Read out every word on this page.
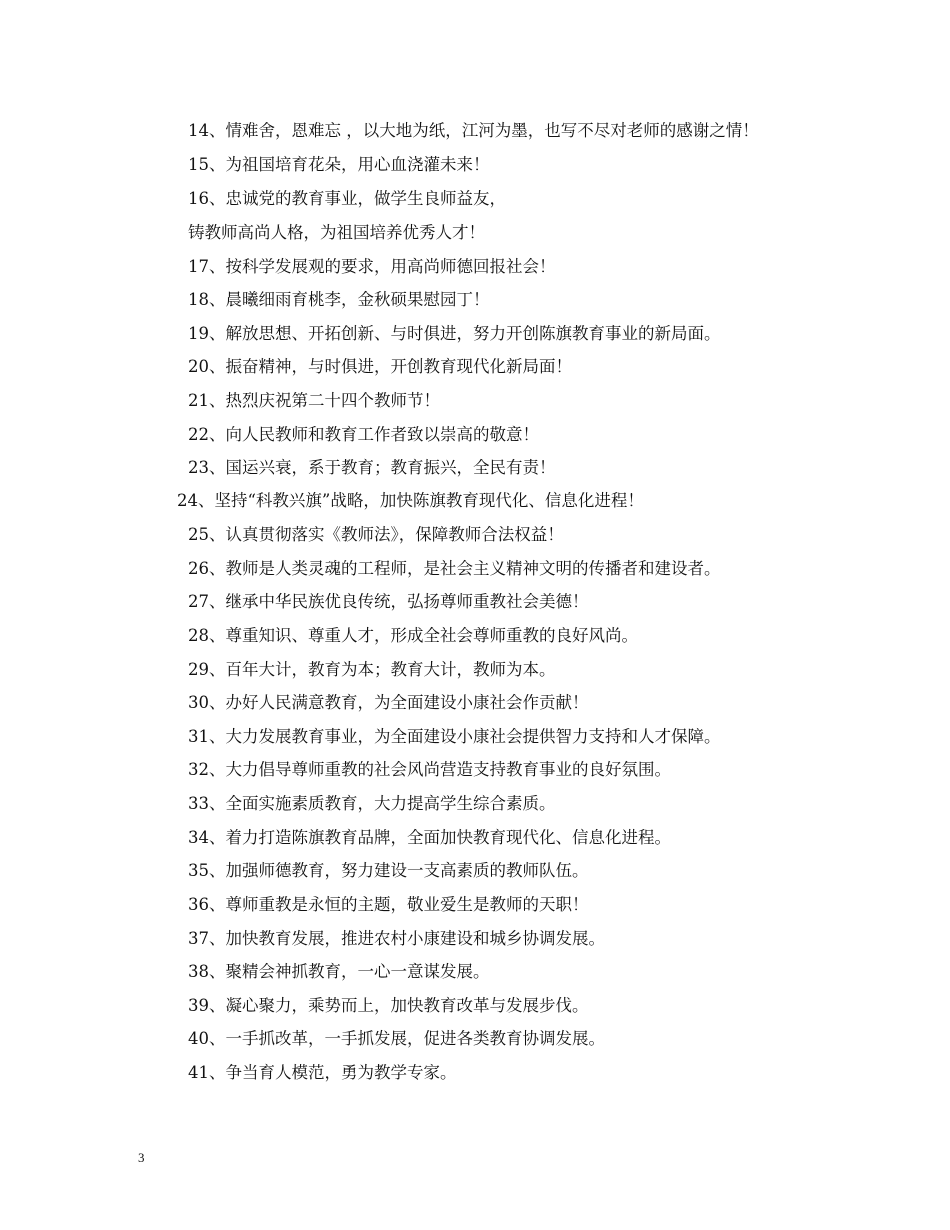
14、情难舍，恩难忘 ，以大地为纸，江河为墨，也写不尽对老师的感谢之情！
15、为祖国培育花朵，用心血浇灌未来！
16、忠诚党的教育事业，做学生良师益友，
铸教师高尚人格，为祖国培养优秀人才！
17、按科学发展观的要求，用高尚师德回报社会！
18、晨曦细雨育桃李，金秋硕果慰园丁！
19、解放思想、开拓创新、与时俱进，努力开创陈旗教育事业的新局面。
20、振奋精神，与时俱进，开创教育现代化新局面！
21、热烈庆祝第二十四个教师节！
22、向人民教师和教育工作者致以崇高的敬意！
23、国运兴衰，系于教育；教育振兴，全民有责！
24、坚持“科教兴旗”战略，加快陈旗教育现代化、信息化进程！
25、认真贯彻落实《教师法》，保障教师合法权益！
26、教师是人类灵魂的工程师，是社会主义精神文明的传播者和建设者。
27、继承中华民族优良传统，弘扬尊师重教社会美德！
28、尊重知识、尊重人才，形成全社会尊师重教的良好风尚。
29、百年大计，教育为本；教育大计，教师为本。
30、办好人民满意教育，为全面建设小康社会作贡献！
31、大力发展教育事业，为全面建设小康社会提供智力支持和人才保障。
32、大力倡导尊师重教的社会风尚营造支持教育事业的良好氛围。
33、全面实施素质教育，大力提高学生综合素质。
34、着力打造陈旗教育品牌，全面加快教育现代化、信息化进程。
35、加强师德教育，努力建设一支高素质的教师队伍。
36、尊师重教是永恒的主题，敬业爱生是教师的天职！
37、加快教育发展，推进农村小康建设和城乡协调发展。
38、聚精会神抓教育，一心一意谋发展。
39、凝心聚力，乘势而上，加快教育改革与发展步伐。
40、一手抓改革，一手抓发展，促进各类教育协调发展。
41、争当育人模范，勇为教学专家。
3
